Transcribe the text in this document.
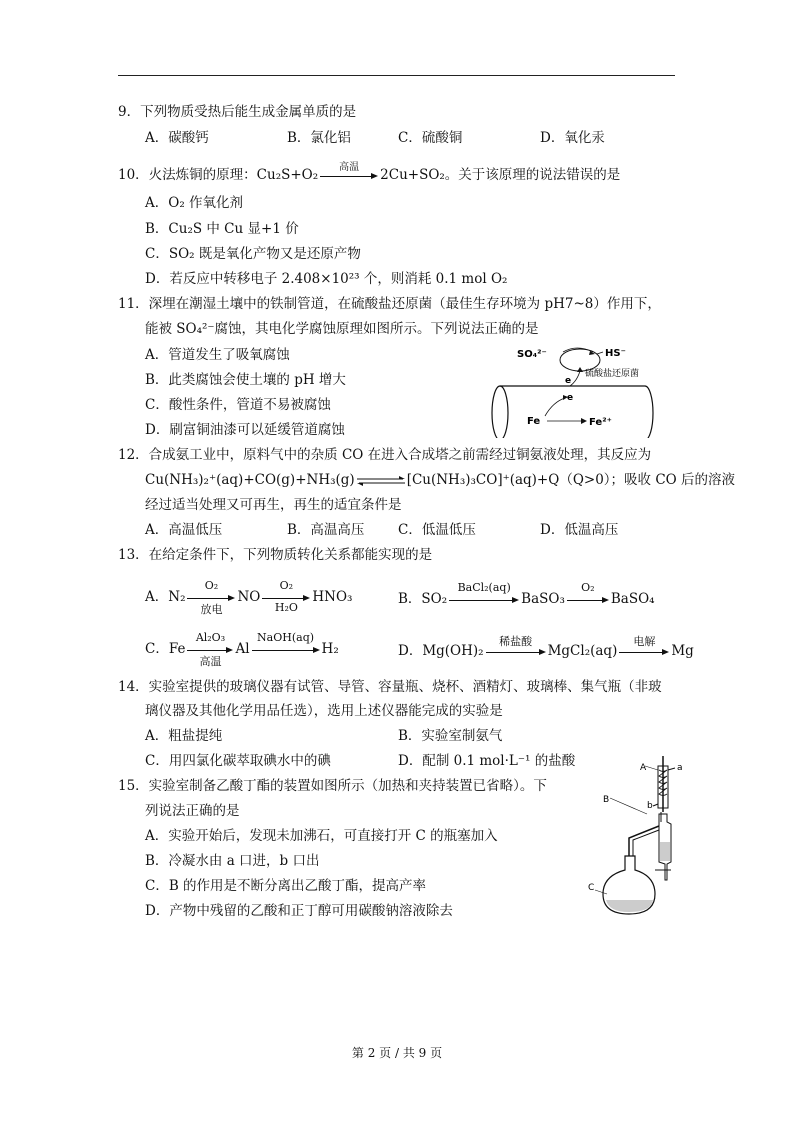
9．下列物质受热后能生成金属单质的是
A．碳酸钙	B．氯化铝	C．硫酸铜	D．氧化汞
10．火法炼铜的原理：Cu₂S+O₂	高温	2Cu+SO₂。关于该原理的说法错误的是
A．O₂ 作氧化剂
B．Cu₂S 中 Cu 显+1 价
C．SO₂ 既是氧化产物又是还原产物
D．若反应中转移电子 2.408×10²³ 个，则消耗 0.1 mol O₂
11．深埋在潮湿土壤中的铁制管道，在硫酸盐还原菌（最佳生存环境为 pH7~8）作用下，
能被 SO₄²⁻腐蚀，其电化学腐蚀原理如图所示。下列说法正确的是
A．管道发生了吸氧腐蚀
B．此类腐蚀会使土壤的 pH 增大
C．酸性条件，管道不易被腐蚀
D．刷富铜油漆可以延缓管道腐蚀
SO₄²⁻	HS⁻
硫酸盐还原菌
e
e
Fe	Fe²⁺
12．合成氨工业中，原料气中的杂质 CO 在进入合成塔之前需经过铜氨液处理，其反应为
Cu(NH₃)₂⁺(aq)+CO(g)+NH₃(g)	[Cu(NH₃)₃CO]⁺(aq)+Q（Q>0）；吸收 CO 后的溶液
经过适当处理又可再生，再生的适宜条件是
A．高温低压	B．高温高压 C．低温低压	D．低温高压
13．在给定条件下，下列物质转化关系都能实现的是
A．N₂
O₂
放电
NO
O₂
H₂O
HNO₃	B．SO₂
BaCl₂(aq)
BaSO₃
O₂
BaSO₄
C．Fe
Al₂O₃
高温
Al
NaOH(aq)
H₂	D．Mg(OH)₂
稀盐酸
MgCl₂(aq)
电解
Mg
14．实验室提供的玻璃仪器有试管、导管、容量瓶、烧杯、酒精灯、玻璃棒、集气瓶（非玻
璃仪器及其他化学用品任选），选用上述仪器能完成的实验是
A．粗盐提纯	B．实验室制氨气
C．用四氯化碳萃取碘水中的碘	D．配制 0.1 mol·L⁻¹ 的盐酸
15．实验室制备乙酸丁酯的装置如图所示（加热和夹持装置已省略）。下
列说法正确的是
A．实验开始后，发现未加沸石，可直接打开 C 的瓶塞加入
B．冷凝水由 a 口进，b 口出
C．B 的作用是不断分离出乙酸丁酯，提高产率
D．产物中残留的乙酸和正丁醇可用碳酸钠溶液除去
A	a
B
b
C
第 2 页 / 共 9 页
